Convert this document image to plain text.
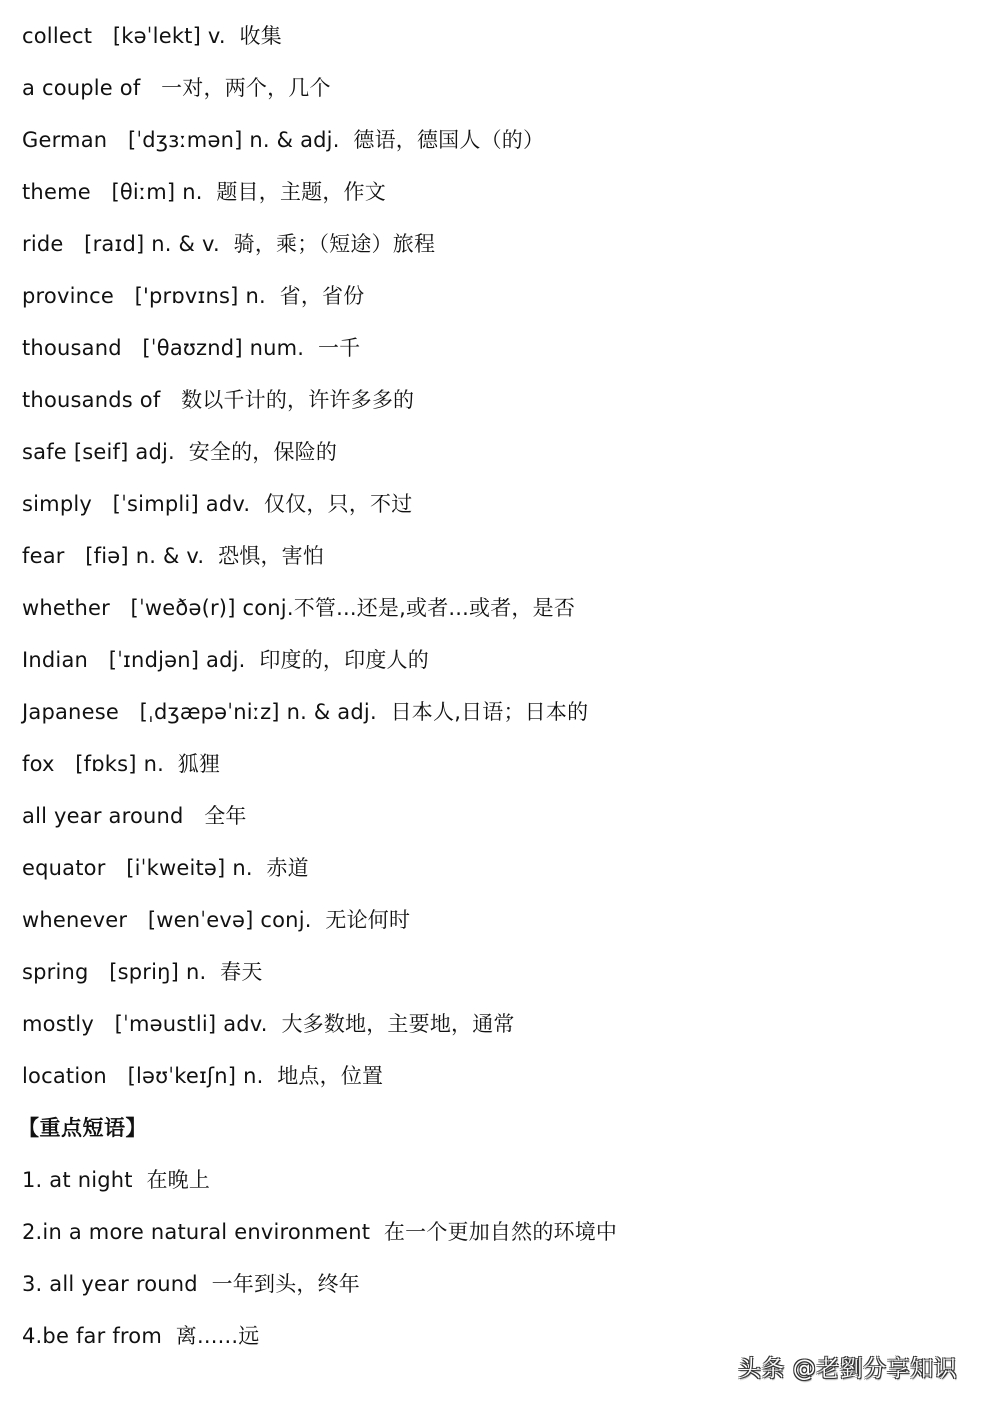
collect [kəˈlekt] v. 收集
a couple of 一对，两个，几个
German [ˈdʒɜːmən] n. & adj. 德语，德国人（的）
theme [θiːm] n. 题目，主题，作文
ride [raɪd] n. & v. 骑，乘；（短途）旅程
province ['prɒvɪns] n. 省，省份
thousand [ˈθaʊznd] num. 一千
thousands of 数以千计的，许许多多的
safe [seif] adj. 安全的，保险的
simply [ˈsimpli] adv. 仅仅，只，不过
fear [fiə] n. & v. 恐惧，害怕
whether [ˈweðə(r)] conj.不管...还是,或者...或者，是否
Indian [ˈɪndjən] adj. 印度的，印度人的
Japanese [ˌdʒæpəˈniːz] n. & adj. 日本人,日语；日本的
fox [fɒks] n. 狐狸
all year around 全年
equator [iˈkweitə] n. 赤道
whenever [wenˈevə] conj. 无论何时
spring [spriŋ] n. 春天
mostly [ˈməustli] adv. 大多数地，主要地，通常
location [ləʊˈkeɪʃn] n. 地点，位置
【重点短语】
1. at night 在晚上
2.in a more natural environment 在一个更加自然的环境中
3. all year round 一年到头，终年
4.be far from 离......远
头条 @老劉分享知识
